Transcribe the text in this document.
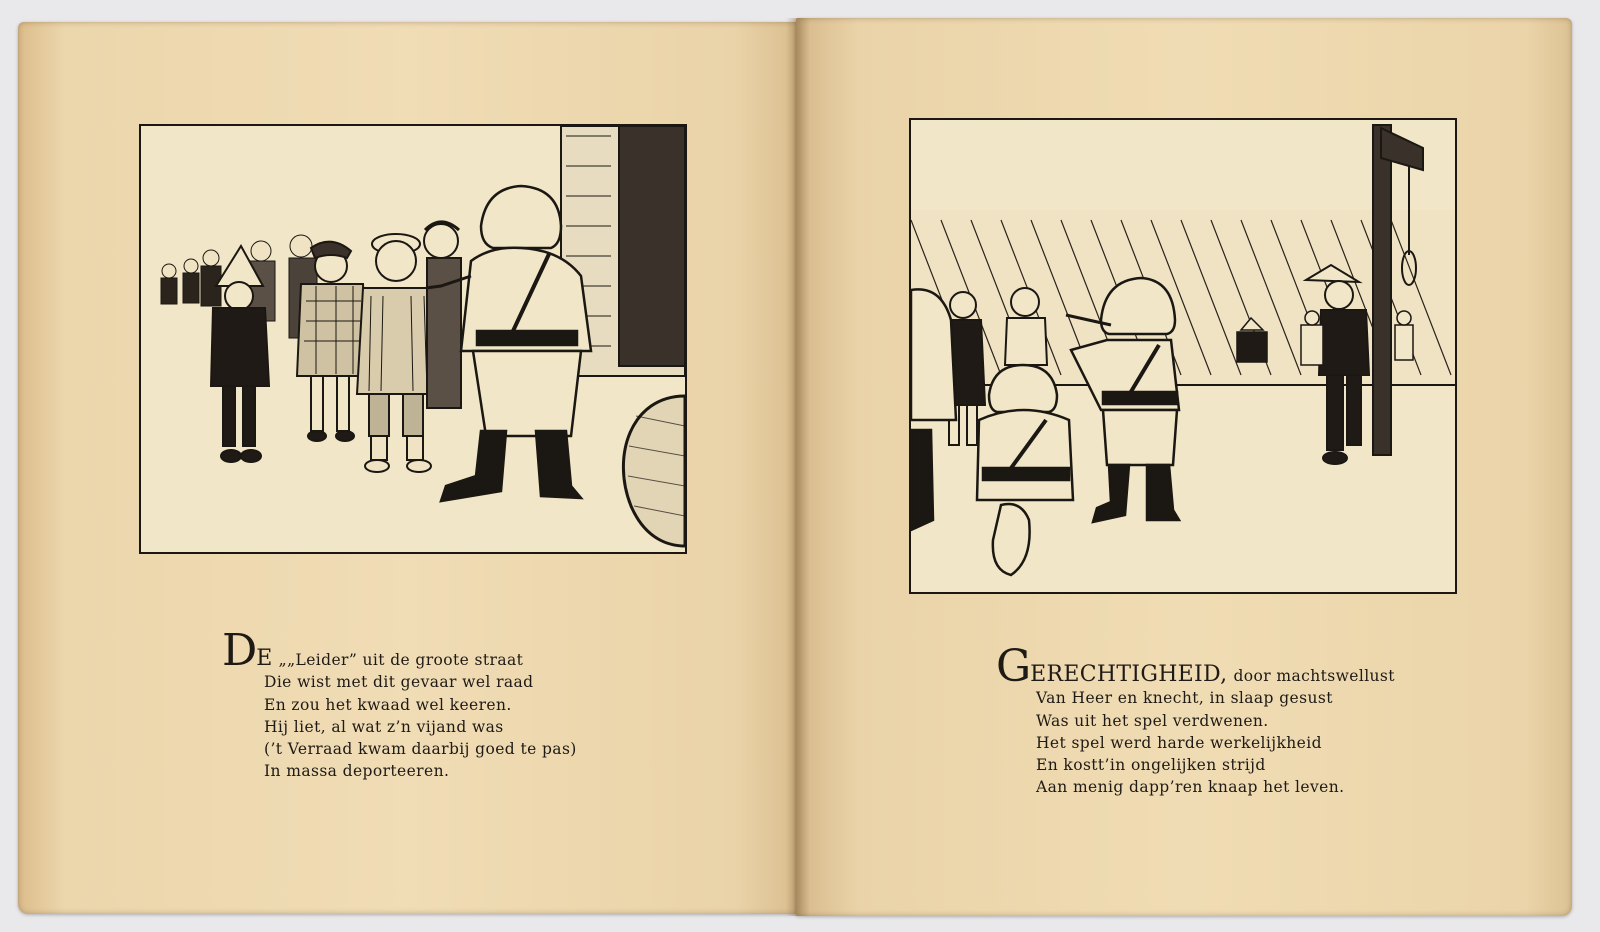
D E „„Leider” uit de groote straat
Die wist met dit gevaar wel raad
En zou het kwaad wel keeren.
Hij liet, al wat z’n vijand was
(’t Verraad kwam daarbij goed te pas)
In massa deporteeren.
G ERECHTIGHEID, door machtswellust
Van Heer en knecht, in slaap gesust
Was uit het spel verdwenen.
Het spel werd harde werkelijkheid
En kostt’in ongelijken strijd
Aan menig dapp’ren knaap het leven.
